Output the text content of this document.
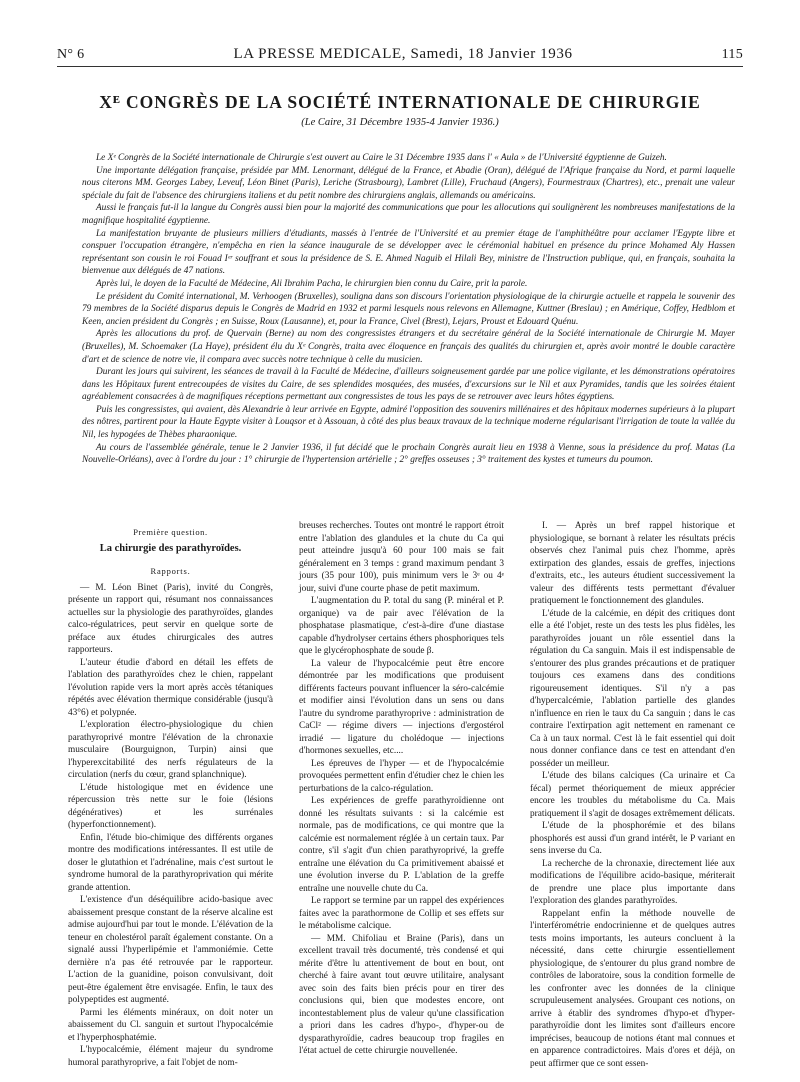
N° 6	LA PRESSE MEDICALE, Samedi, 18 Janvier 1936	115
Xᴱ CONGRÈS DE LA SOCIÉTÉ INTERNATIONALE DE CHIRURGIE
(Le Caire, 31 Décembre 1935-4 Janvier 1936.)

Le Xᵉ Congrès de la Société internationale de Chirurgie s'est ouvert au Caire le 31 Décembre 1935 dans l' « Aula » de l'Université égyptienne de Guizeh.

Une importante délégation française, présidée par MM. Lenormant, délégué de la France, et Abadie (Oran), délégué de l'Afrique française du Nord, et parmi laquelle nous citerons MM. Georges Labey, Leveuf, Léon Binet (Paris), Leriche (Strasbourg), Lambret (Lille), Fruchaud (Angers), Fourmestraux (Chartres), etc., prenait une valeur spéciale du fait de l'absence des chirurgiens italiens et du petit nombre des chirurgiens anglais, allemands ou américains.

Aussi le français fut-il la langue du Congrès aussi bien pour la majorité des communications que pour les allocutions qui soulignèrent les nombreuses manifestations de la magnifique hospitalité égyptienne.

La manifestation bruyante de plusieurs milliers d'étudiants, massés à l'entrée de l'Université et au premier étage de l'amphithéâtre pour acclamer l'Egypte libre et conspuer l'occupation étrangère, n'empêcha en rien la séance inaugurale de se développer avec le cérémonial habituel en présence du prince Mohamed Aly Hassen représentant son cousin le roi Fouad Iᵉʳ souffrant et sous la présidence de S. E. Ahmed Naguib el Hilali Bey, ministre de l'Instruction publique, qui, en français, souhaita la bienvenue aux délégués de 47 nations.

Après lui, le doyen de la Faculté de Médecine, Ali Ibrahim Pacha, le chirurgien bien connu du Caire, prit la parole.

Le président du Comité international, M. Verhoogen (Bruxelles), souligna dans son discours l'orientation physiologique de la chirurgie actuelle et rappela le souvenir des 79 membres de la Société disparus depuis le Congrès de Madrid en 1932 et parmi lesquels nous relevons en Allemagne, Kuttner (Breslau) ; en Amérique, Coffey, Hedblom et Keen, ancien président du Congrès ; en Suisse, Roux (Lausanne), et, pour la France, Civel (Brest), Lejars, Proust et Edouard Quénu.

Après les allocutions du prof. de Quervain (Berne) au nom des congressistes étrangers et du secrétaire général de la Société internationale de Chirurgie M. Mayer (Bruxelles), M. Schoemaker (La Haye), président élu du Xᵉ Congrès, traita avec éloquence en français des qualités du chirurgien et, après avoir montré le double caractère d'art et de science de notre vie, il compara avec succès notre technique à celle du musicien.

Durant les jours qui suivirent, les séances de travail à la Faculté de Médecine, d'ailleurs soigneusement gardée par une police vigilante, et les démonstrations opératoires dans les Hôpitaux furent entrecoupées de visites du Caire, de ses splendides mosquées, des musées, d'excursions sur le Nil et aux Pyramides, tandis que les soirées étaient agréablement consacrées à de magnifiques réceptions permettant aux congressistes de tous les pays de se retrouver avec leurs hôtes égyptiens.

Puis les congressistes, qui avaient, dès Alexandrie à leur arrivée en Egypte, admiré l'opposition des souvenirs millénaires et des hôpitaux modernes supérieurs à la plupart des nôtres, partirent pour la Haute Egypte visiter à Louqsor et à Assouan, à côté des plus beaux travaux de la technique moderne régularisant l'irrigation de toute la vallée du Nil, les hypogées de Thèbes pharaonique.

Au cours de l'assemblée générale, tenue le 2 Janvier 1936, il fut décidé que le prochain Congrès aurait lieu en 1938 à Vienne, sous la présidence du prof. Matas (La Nouvelle-Orléans), avec à l'ordre du jour : 1° chirurgie de l'hypertension artérielle ; 2° greffes osseuses ; 3° traitement des kystes et tumeurs du poumon.

Première question.

La chirurgie des parathyroïdes.

Rapports.

— M. Léon Binet (Paris), invité du Congrès, présente un rapport qui, résumant nos connaissances actuelles sur la physiologie des parathyroïdes, glandes calco-régulatrices, peut servir en quelque sorte de préface aux études chirurgicales des autres rapporteurs.

L'auteur étudie d'abord en détail les effets de l'ablation des parathyroïdes chez le chien, rappelant l'évolution rapide vers la mort après accès tétaniques répétés avec élévation thermique considérable (jusqu'à 43°6) et polypnée.

L'exploration électro-physiologique du chien parathyroprivé montre l'élévation de la chronaxie musculaire (Bourguignon, Turpin) ainsi que l'hyperexcitabilité des nerfs régulateurs de la circulation (nerfs du cœur, grand splanchnique).

L'étude histologique met en évidence une répercussion très nette sur le foie (lésions dégénératives) et les surrénales (hyperfonctionnement).

Enfin, l'étude bio-chimique des différents organes montre des modifications intéressantes. Il est utile de doser le glutathion et l'adrénaline, mais c'est surtout le syndrome humoral de la parathyroprivation qui mérite grande attention.

L'existence d'un déséquilibre acido-basique avec abaissement presque constant de la réserve alcaline est admise aujourd'hui par tout le monde. L'élévation de la teneur en cholestérol paraît également constante. On a signalé aussi l'hyperlipémie et l'ammoniémie. Cette dernière n'a pas été retrouvée par le rapporteur. L'action de la guanidine, poison convulsivant, doit peut-être également être envisagée. Enfin, le taux des polypeptides est augmenté.

Parmi les éléments minéraux, on doit noter un abaissement du Cl. sanguin et surtout l'hypocalcémie et l'hyperphosphatémie.

L'hypocalcémie, élément majeur du syndrome humoral parathyroprive, a fait l'objet de nom-

breuses recherches. Toutes ont montré le rapport étroit entre l'ablation des glandules et la chute du Ca qui peut atteindre jusqu'à 60 pour 100 mais se fait généralement en 3 temps : grand maximum pendant 3 jours (35 pour 100), puis minimum vers le 3ᵉ ou 4ᵉ jour, suivi d'une courte phase de petit maximum.

L'augmentation du P. total du sang (P. minéral et P. organique) va de pair avec l'élévation de la phosphatase plasmatique, c'est-à-dire d'une diastase capable d'hydrolyser certains éthers phosphoriques tels que le glycérophosphate de soude β.

La valeur de l'hypocalcémie peut être encore démontrée par les modifications que produisent différents facteurs pouvant influencer la séro-calcémie et modifier ainsi l'évolution dans un sens ou dans l'autre du syndrome parathyroprive : administration de CaCl² — régime divers — injections d'ergostérol irradié — ligature du cholédoque — injections d'hormones sexuelles, etc....

Les épreuves de l'hyper — et de l'hypocalcémie provoquées permettent enfin d'étudier chez le chien les perturbations de la calco-régulation.

Les expériences de greffe parathyroïdienne ont donné les résultats suivants : si la calcémie est normale, pas de modifications, ce qui montre que la calcémie est normalement réglée à un certain taux. Par contre, s'il s'agit d'un chien parathyroprivé, la greffe entraîne une élévation du Ca primitivement abaissé et une évolution inverse du P. L'ablation de la greffe entraîne une nouvelle chute du Ca.

Le rapport se termine par un rappel des expériences faites avec la parathormone de Collip et ses effets sur le métabolisme calcique.

— MM. Chifoliau et Braine (Paris), dans un excellent travail très documenté, très condensé et qui mérite d'être lu attentivement de bout en bout, ont cherché à faire avant tout œuvre utilitaire, analysant avec soin des faits bien précis pour en tirer des conclusions qui, bien que modestes encore, ont incontestablement plus de valeur qu'une classification a priori dans les cadres d'hypo-, d'hyper-ou de dysparathyroïdie, cadres beaucoup trop fragiles en l'état actuel de cette chirurgie nouvellenée.

I. — Après un bref rappel historique et physiologique, se bornant à relater les résultats précis observés chez l'animal puis chez l'homme, après extirpation des glandes, essais de greffes, injections d'extraits, etc., les auteurs étudient successivement la valeur des différents tests permettant d'évaluer pratiquement le fonctionnement des glandules.

L'étude de la calcémie, en dépit des critiques dont elle a été l'objet, reste un des tests les plus fidèles, les parathyroïdes jouant un rôle essentiel dans la régulation du Ca sanguin. Mais il est indispensable de s'entourer des plus grandes précautions et de pratiquer toujours ces examens dans des conditions rigoureusement identiques. S'il n'y a pas d'hypercalcémie, l'ablation partielle des glandes n'influence en rien le taux du Ca sanguin ; dans le cas contraire l'extirpation agit nettement en ramenant ce Ca à un taux normal. C'est là le fait essentiel qui doit nous donner confiance dans ce test en attendant d'en posséder un meilleur.

L'étude des bilans calciques (Ca urinaire et Ca fécal) permet théoriquement de mieux apprécier encore les troubles du métabolisme du Ca. Mais pratiquement il s'agit de dosages extrêmement délicats.

L'étude de la phosphorémie et des bilans phosphorés est aussi d'un grand intérêt, le P variant en sens inverse du Ca.

La recherche de la chronaxie, directement liée aux modifications de l'équilibre acido-basique, mériterait de prendre une place plus importante dans l'exploration des glandes parathyroïdes.

Rappelant enfin la méthode nouvelle de l'interférométrie endocrinienne et de quelques autres tests moins importants, les auteurs concluent à la nécessité, dans cette chirurgie essentiellement physiologique, de s'entourer du plus grand nombre de contrôles de laboratoire, sous la condition formelle de les confronter avec les données de la clinique scrupuleusement analysées. Groupant ces notions, on arrive à établir des syndromes d'hypo-et d'hyper-parathyroïdie dont les limites sont d'ailleurs encore imprécises, beaucoup de notions étant mal connues et en apparence contradictoires. Mais d'ores et déjà, on peut affirmer que ce sont essen-
